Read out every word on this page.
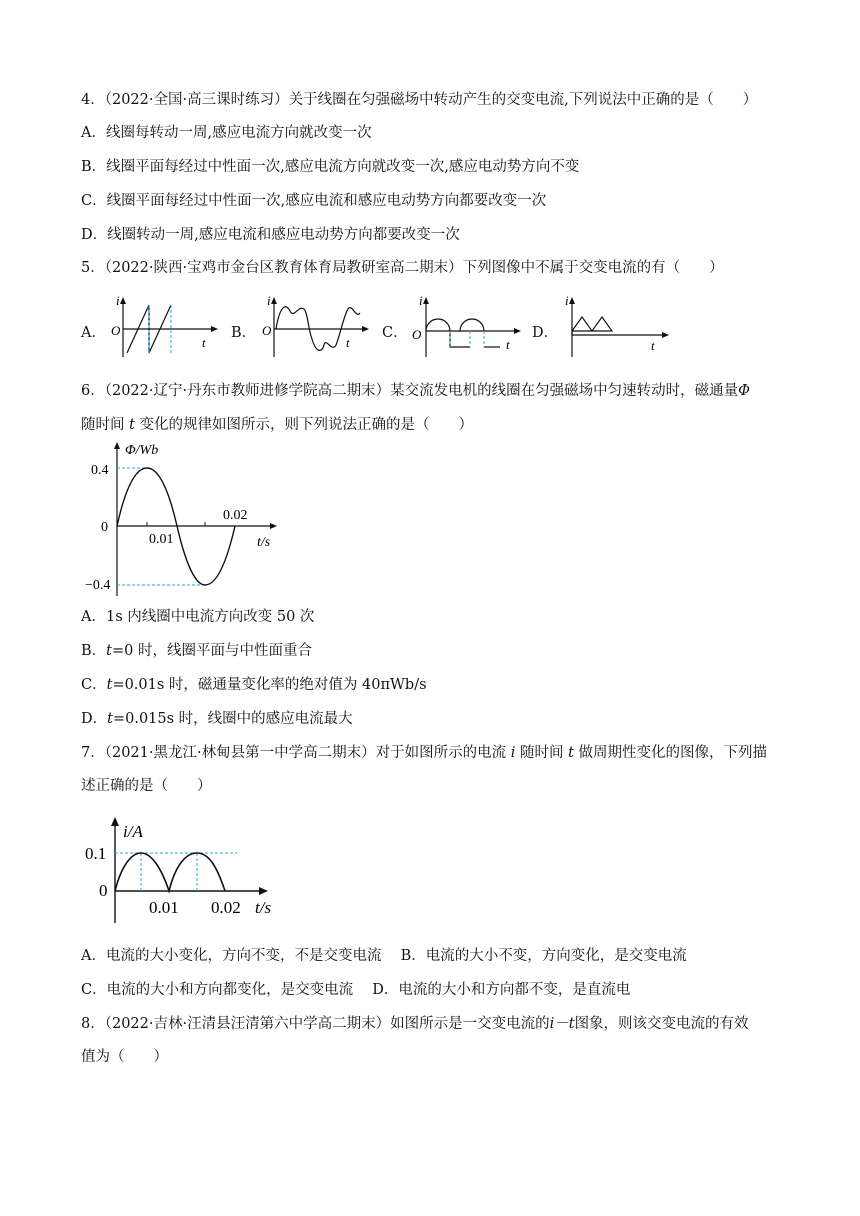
4．（2022·全国·高三课时练习）关于线圈在匀强磁场中转动产生的交变电流,下列说法中正确的是（　　）
A．线圈每转动一周,感应电流方向就改变一次
B．线圈平面每经过中性面一次,感应电流方向就改变一次,感应电动势方向不变
C．线圈平面每经过中性面一次,感应电流和感应电动势方向都要改变一次
D．线圈转动一周,感应电流和感应电动势方向都要改变一次
5．（2022·陕西·宝鸡市金台区教育体育局教研室高二期末）下列图像中不属于交变电流的有（　　）
A．
i
O
t
B．
i
O
t
C．
i
O
t
D．
i
t
6．（2022·辽宁·丹东市教师进修学院高二期末）某交流发电机的线圈在匀强磁场中匀速转动时，磁通量Φ
随时间 t 变化的规律如图所示，则下列说法正确的是（　　）
Φ/Wb
t/s
0.4
0
−0.4
0.01
0.02
A．1s 内线圈中电流方向改变 50 次
B．t=0 时，线圈平面与中性面重合
C．t=0.01s 时，磁通量变化率的绝对值为 40πWb/s
D．t=0.015s 时，线圈中的感应电流最大
7．（2021·黑龙江·林甸县第一中学高二期末）对于如图所示的电流 i 随时间 t 做周期性变化的图像，下列描
述正确的是（　　）
i/A
0.1
0
0.01 0.02 t/s
A．电流的大小变化，方向不变，不是交变电流　 B．电流的大小不变，方向变化，是交变电流
C．电流的大小和方向都变化，是交变电流　 D．电流的大小和方向都不变，是直流电
8．（2022·吉林·汪清县汪清第六中学高二期末）如图所示是一交变电流的i－t图象，则该交变电流的有效
值为（　　）
